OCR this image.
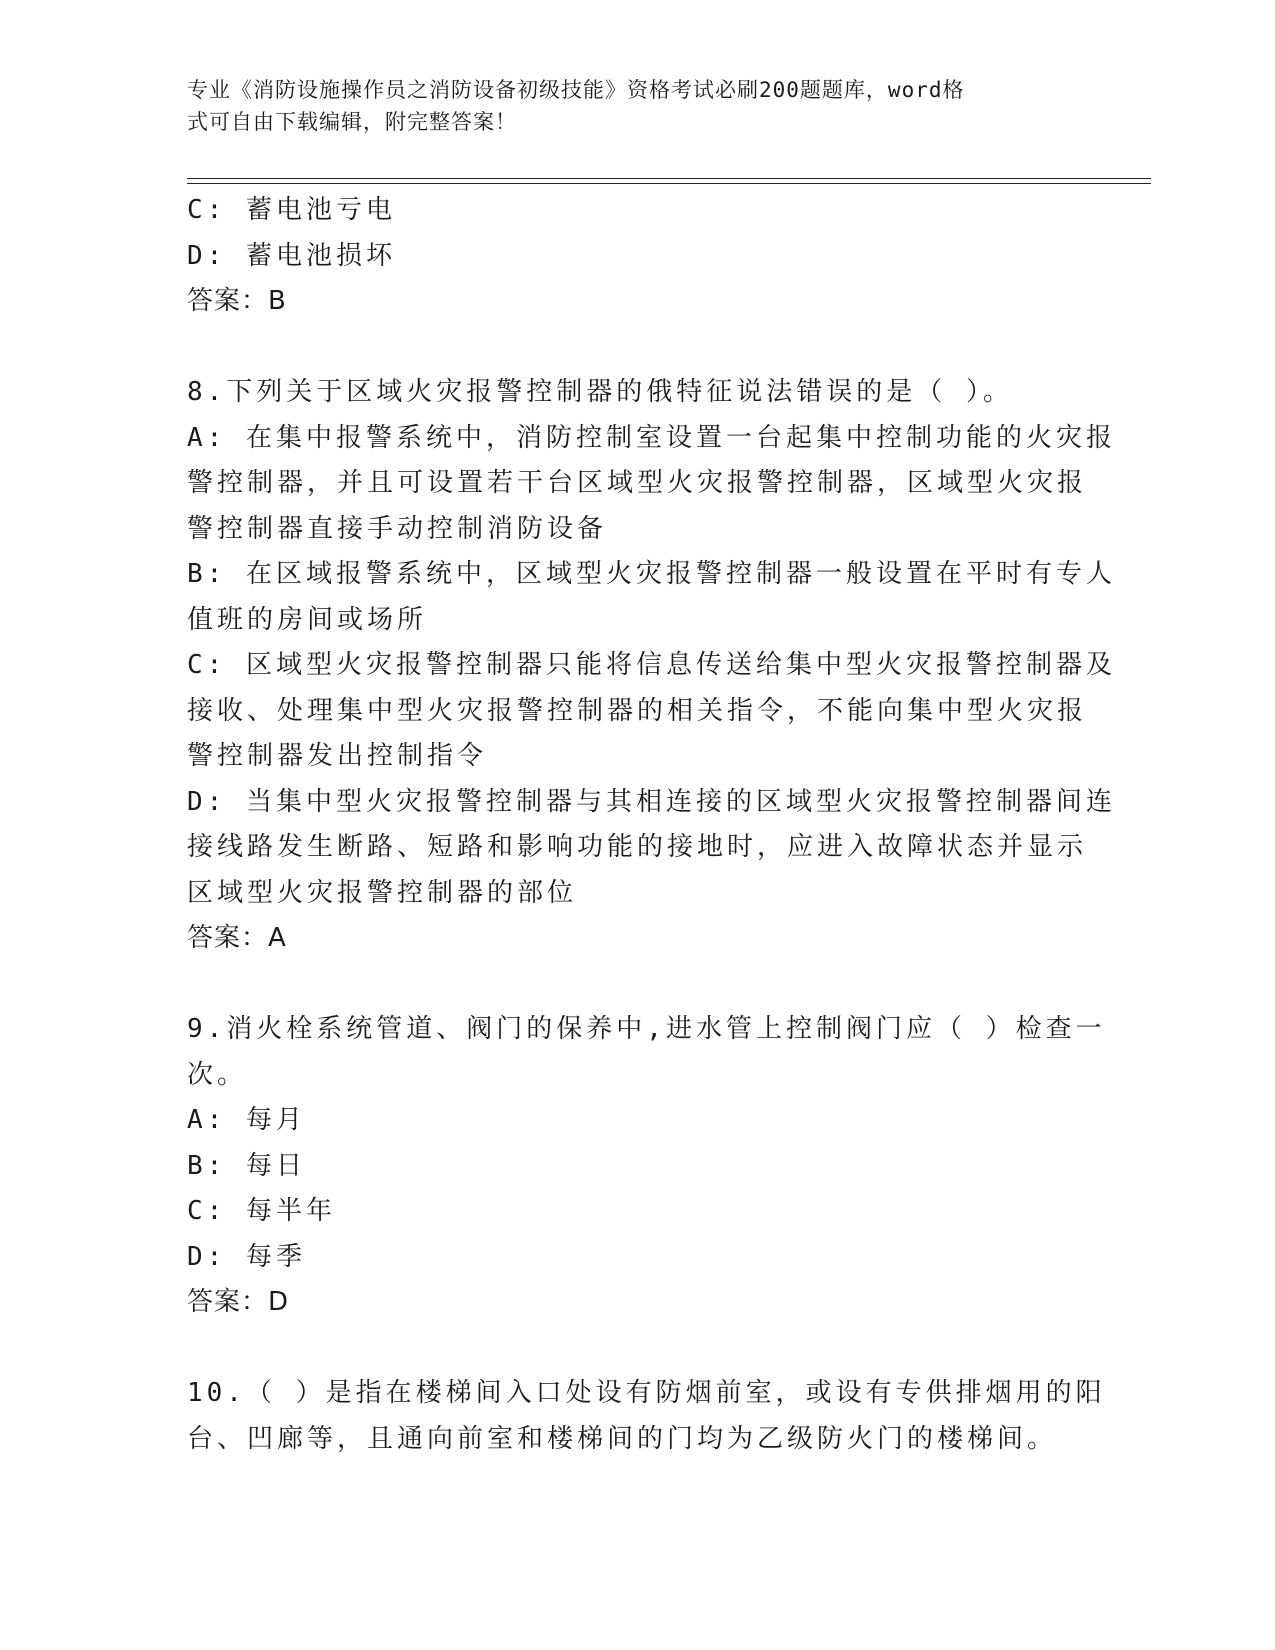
专业《消防设施操作员之消防设备初级技能》资格考试必刷200题题库，word格
式可自由下载编辑，附完整答案！
C: 蓄电池亏电
D: 蓄电池损坏
答案：B
8.下列关于区域火灾报警控制器的俄特征说法错误的是（ ）。
A: 在集中报警系统中，消防控制室设置一台起集中控制功能的火灾报
警控制器，并且可设置若干台区域型火灾报警控制器，区域型火灾报
警控制器直接手动控制消防设备
B: 在区域报警系统中，区域型火灾报警控制器一般设置在平时有专人
值班的房间或场所
C: 区域型火灾报警控制器只能将信息传送给集中型火灾报警控制器及
接收、处理集中型火灾报警控制器的相关指令，不能向集中型火灾报
警控制器发出控制指令
D: 当集中型火灾报警控制器与其相连接的区域型火灾报警控制器间连
接线路发生断路、短路和影响功能的接地时，应进入故障状态并显示
区域型火灾报警控制器的部位
答案：A
9.消火栓系统管道、阀门的保养中,进水管上控制阀门应（ ）检查一
次。
A: 每月
B: 每日
C: 每半年
D: 每季
答案：D
10.（ ）是指在楼梯间入口处设有防烟前室，或设有专供排烟用的阳
台、凹廊等，且通向前室和楼梯间的门均为乙级防火门的楼梯间。
